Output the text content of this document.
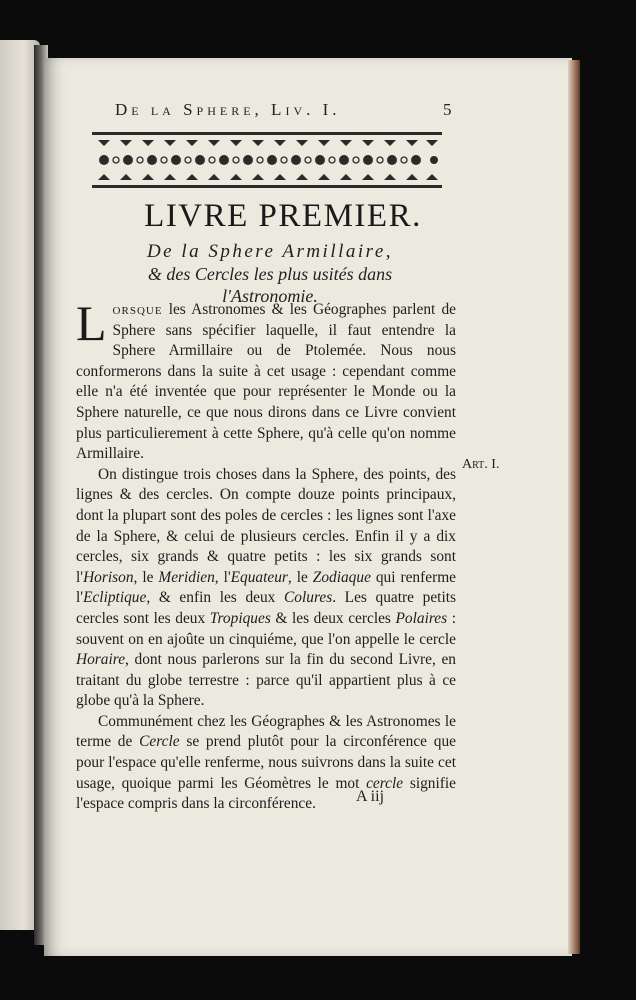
De la Sphere, Liv. I.	5
LIVRE PREMIER.
De la Sphere Armillaire,
& des Cercles les plus usités dans
l'Astronomie.
Art. I.

Lorsque les Astronomes & les Géographes parlent de Sphere sans spécifier laquelle, il faut entendre la Sphere Armillaire ou de Ptolemée. Nous nous conformerons dans la suite à cet usage : cependant comme elle n'a été inventée que pour représenter le Monde ou la Sphere naturelle, ce que nous dirons dans ce Livre convient plus particulierement à cette Sphere, qu'à celle qu'on nomme Armillaire.

On distingue trois choses dans la Sphere, des points, des lignes & des cercles. On compte douze points principaux, dont la plupart sont des poles de cercles : les lignes sont l'axe de la Sphere, & celui de plusieurs cercles. Enfin il y a dix cercles, six grands & quatre petits : les six grands sont l'Horison, le Meridien, l'Equateur, le Zodiaque qui renferme l'Ecliptique, & enfin les deux Colures. Les quatre petits cercles sont les deux Tropiques & les deux cercles Polaires : souvent on en ajoûte un cinquiéme, que l'on appelle le cercle Horaire, dont nous parlerons sur la fin du second Livre, en traitant du globe terrestre : parce qu'il appartient plus à ce globe qu'à la Sphere.

Communément chez les Géographes & les Astronomes le terme de Cercle se prend plutôt pour la circonférence que pour l'espace qu'elle renferme, nous suivrons dans la suite cet usage, quoique parmi les Géomètres le mot cercle signifie l'espace compris dans la circonférence.	A iij
